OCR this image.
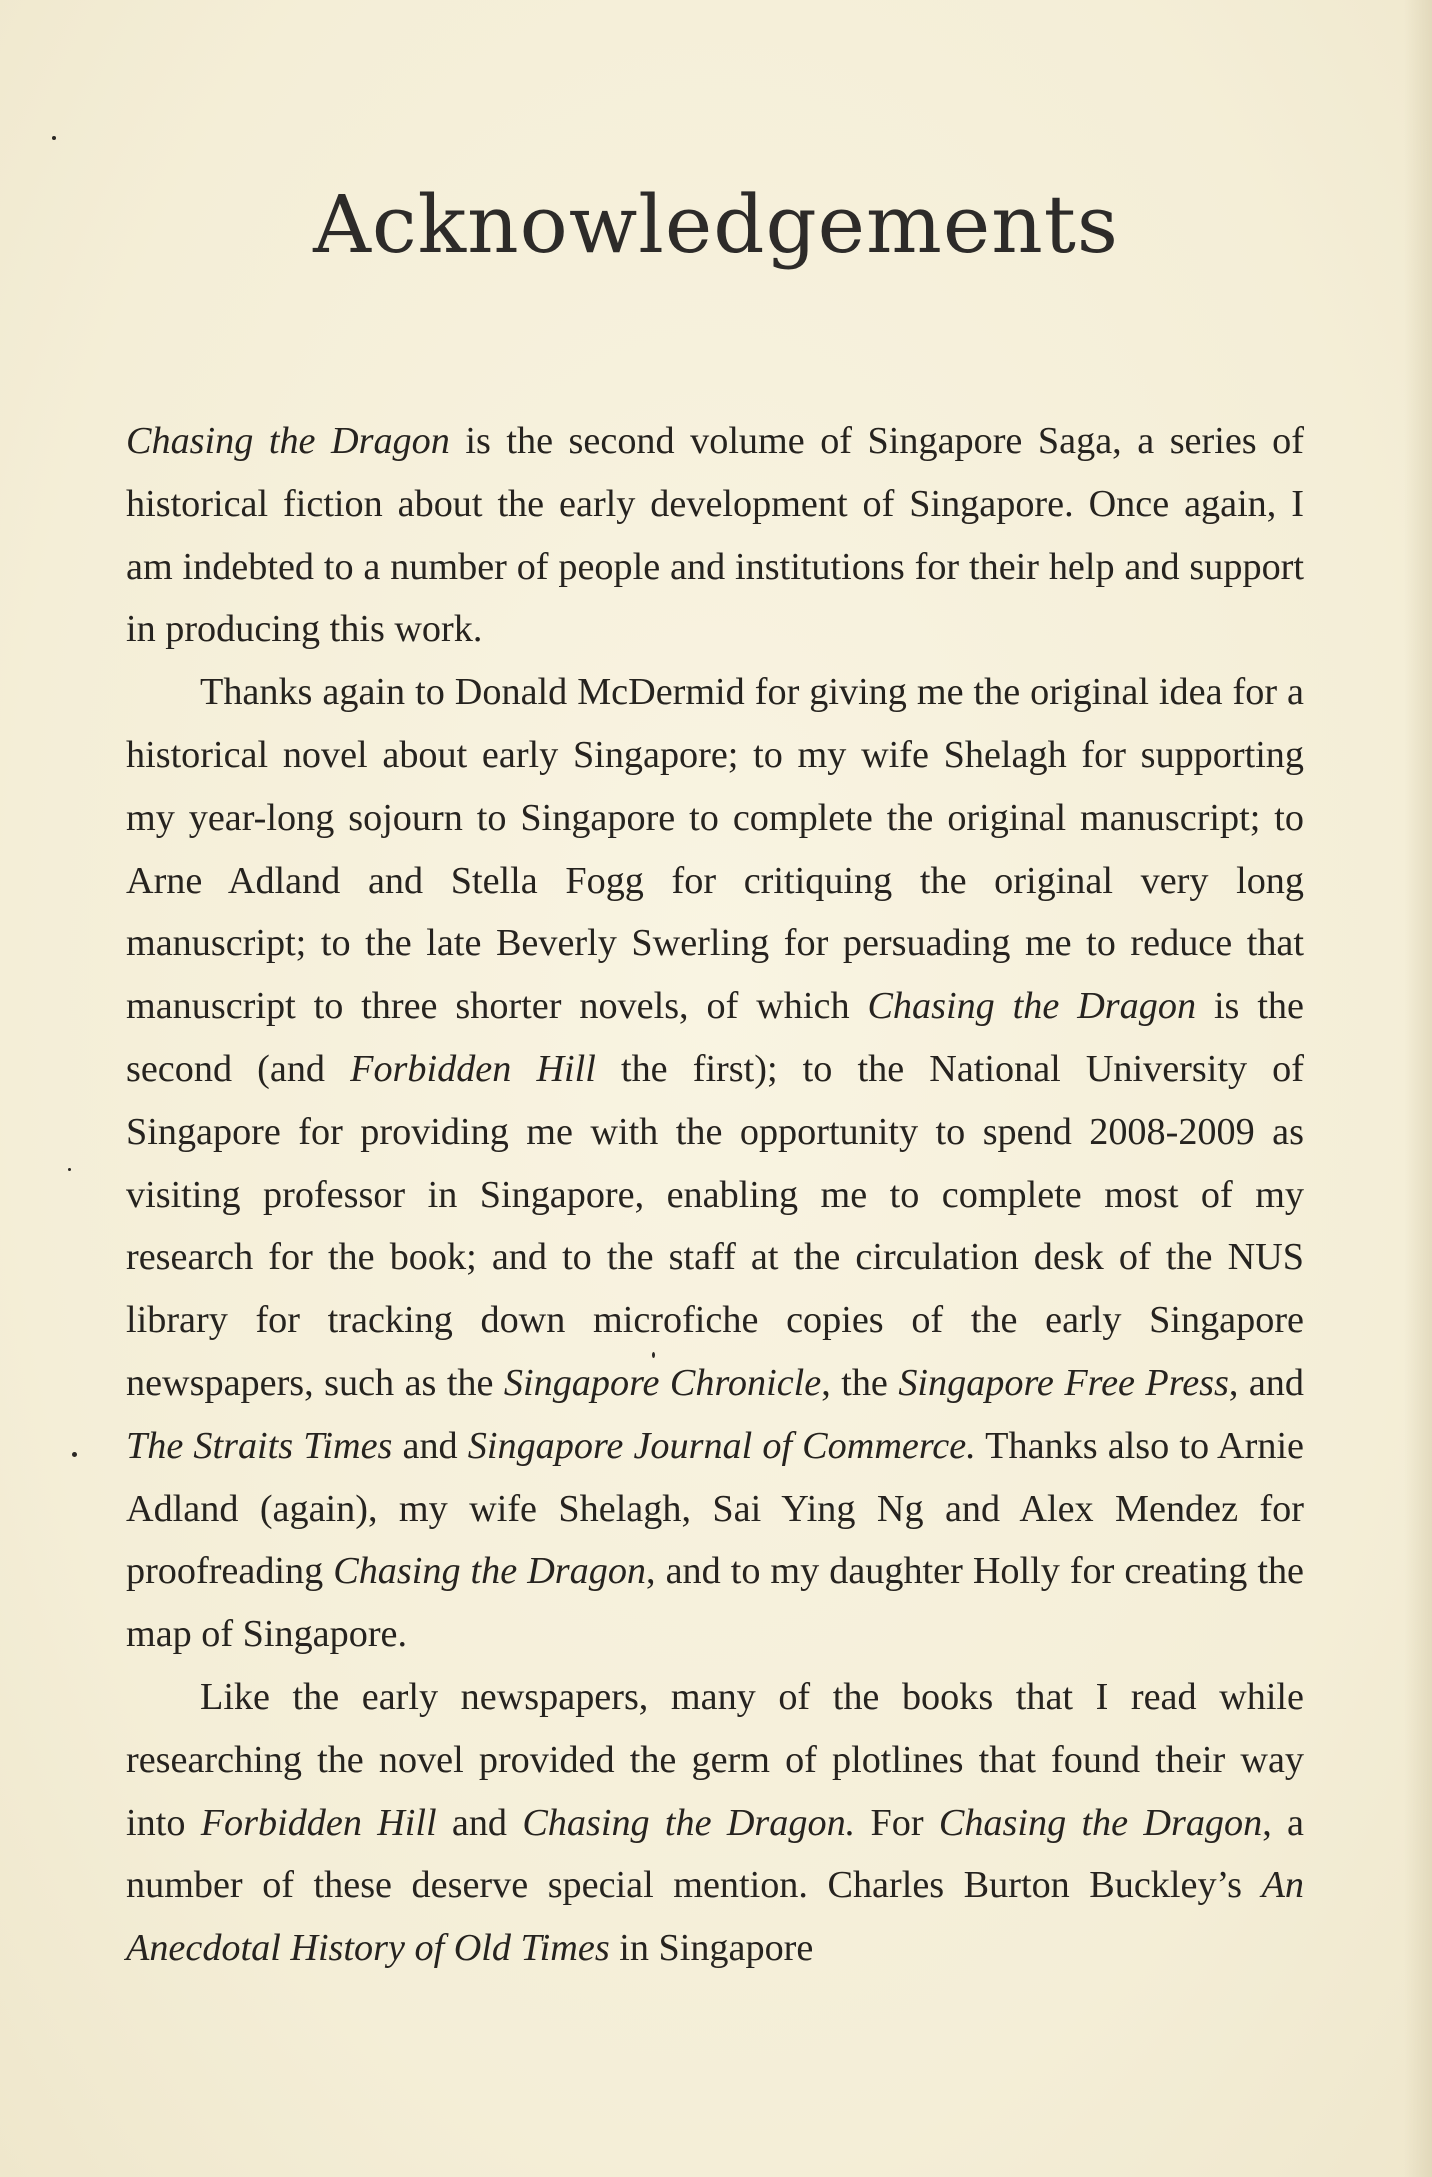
Acknowledgements

Chasing the Dragon is the second volume of Singapore Saga, a series of historical fiction about the early development of Singapore. Once again, I am indebted to a number of people and institutions for their help and support in producing this work.

Thanks again to Donald McDermid for giving me the original idea for a historical novel about early Singapore; to my wife Shelagh for supporting my year-long sojourn to Singapore to complete the original manuscript; to Arne Adland and Stella Fogg for critiquing the original very long manuscript; to the late Beverly Swerling for persuading me to reduce that manuscript to three shorter novels, of which Chasing the Dragon is the second (and Forbidden Hill the first); to the National University of Singapore for providing me with the opportunity to spend 2008-2009 as visiting professor in Singapore, enabling me to complete most of my research for the book; and to the staff at the circulation desk of the NUS library for tracking down microfiche copies of the early Singapore newspapers, such as the Singapore Chronicle, the Singapore Free Press, and The Straits Times and Singapore Journal of Commerce. Thanks also to Arnie Adland (again), my wife Shelagh, Sai Ying Ng and Alex Mendez for proofreading Chasing the Dragon, and to my daughter Holly for creating the map of Singapore.

Like the early newspapers, many of the books that I read while researching the novel provided the germ of plotlines that found their way into Forbidden Hill and Chasing the Dragon. For Chasing the Dragon, a number of these deserve special mention. Charles Burton Buckley’s An Anecdotal History of Old Times in Singapore
